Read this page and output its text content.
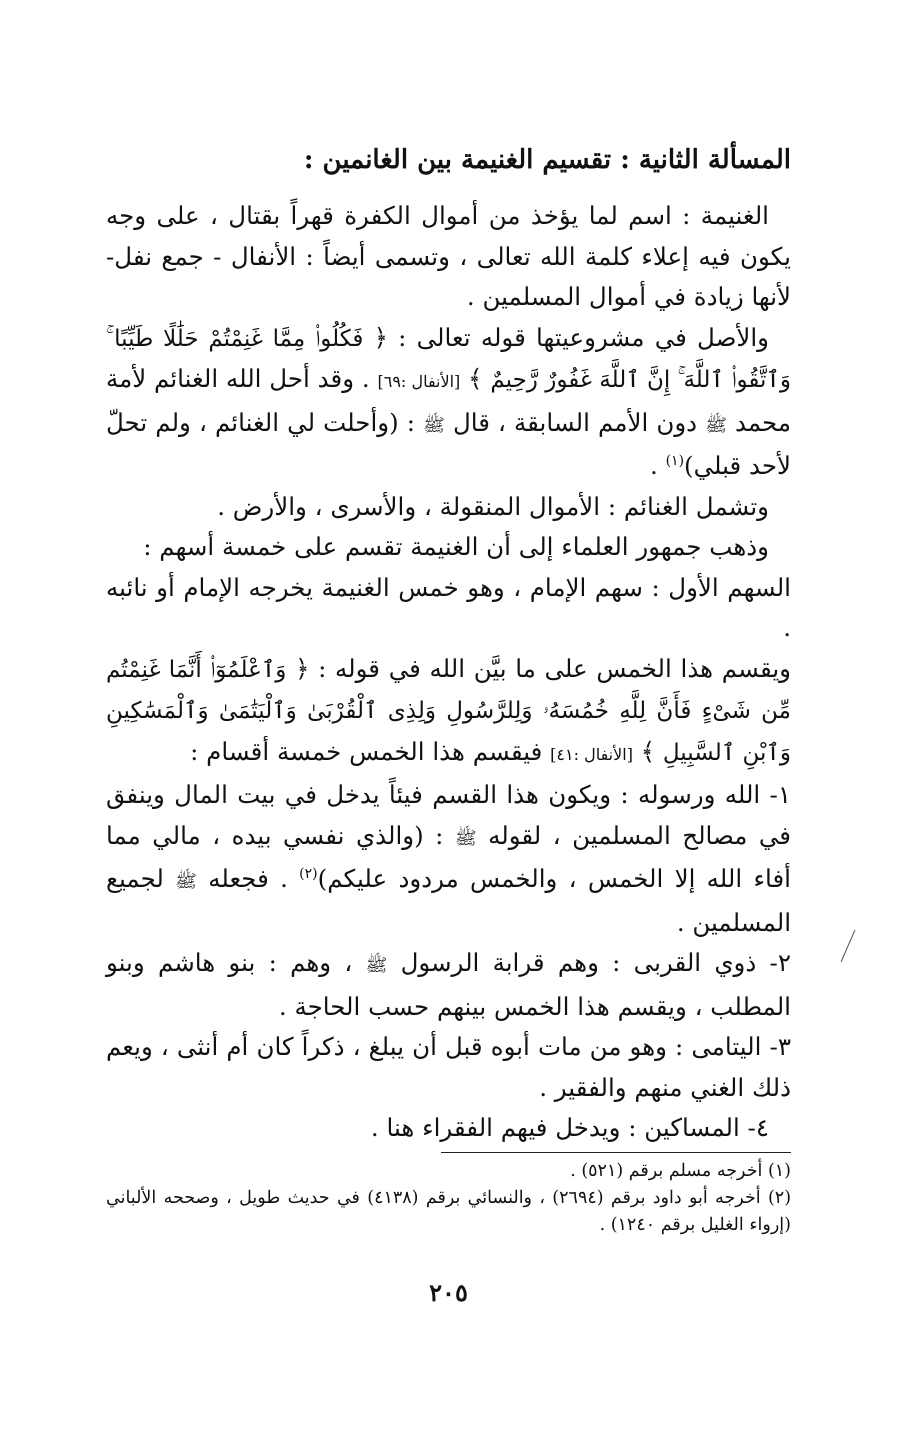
المسألة الثانية : تقسيم الغنيمة بين الغانمين :

الغنيمة : اسم لما يؤخذ من أموال الكفرة قهراً بقتال ، على وجه يكون فيه إعلاء كلمة الله تعالى ، وتسمى أيضاً : الأنفال - جمع نفل- لأنها زيادة في أموال المسلمين .

والأصل في مشروعيتها قوله تعالى : ﴿ فَكُلُوا۟ مِمَّا غَنِمْتُمْ حَلَٰلًا طَيِّبًا ۚ وَٱتَّقُوا۟ ٱللَّهَ ۚ إِنَّ ٱللَّهَ غَفُورٌ رَّحِيمٌ ﴾ [الأنفال :٦٩] . وقد أحل الله الغنائم لأمة محمد ﷺ دون الأمم السابقة ، قال ﷺ : (وأحلت لي الغنائم ، ولم تحلّ لأحد قبلي)$^{(١)}$ .

وتشمل الغنائم : الأموال المنقولة ، والأسرى ، والأرض .

وذهب جمهور العلماء إلى أن الغنيمة تقسم على خمسة أسهم :

السهم الأول : سهم الإمام ، وهو خمس الغنيمة يخرجه الإمام أو نائبه .

ويقسم هذا الخمس على ما بيَّن الله في قوله : ﴿ وَٱعْلَمُوٓا۟ أَنَّمَا غَنِمْتُم مِّن شَىْءٍ فَأَنَّ لِلَّهِ خُمُسَهُۥ وَلِلرَّسُولِ وَلِذِى ٱلْقُرْبَىٰ وَٱلْيَتَٰمَىٰ وَٱلْمَسَٰكِينِ وَٱبْنِ ٱلسَّبِيلِ ﴾ [الأنفال :٤١] فيقسم هذا الخمس خمسة أقسام :

١- الله ورسوله : ويكون هذا القسم فيئاً يدخل في بيت المال وينفق في مصالح المسلمين ، لقوله ﷺ : (والذي نفسي بيده ، مالي مما أفاء الله إلا الخمس ، والخمس مردود عليكم)$^{(٢)}$ . فجعله ﷺ لجميع المسلمين .

٢- ذوي القربى : وهم قرابة الرسول ﷺ ، وهم : بنو هاشم وبنو المطلب ، ويقسم هذا الخمس بينهم حسب الحاجة .

٣- اليتامى : وهو من مات أبوه قبل أن يبلغ ، ذكراً كان أم أنثى ، ويعم ذلك الغني منهم والفقير .

٤- المساكين : ويدخل فيهم الفقراء هنا .

(١) أخرجه مسلم برقم (٥٢١) .

(٢) أخرجه أبو داود برقم (٢٦٩٤) ، والنسائي برقم (٤١٣٨) في حديث طويل ، وصححه الألباني (إرواء الغليل برقم ١٢٤٠) .

٢٠٥
